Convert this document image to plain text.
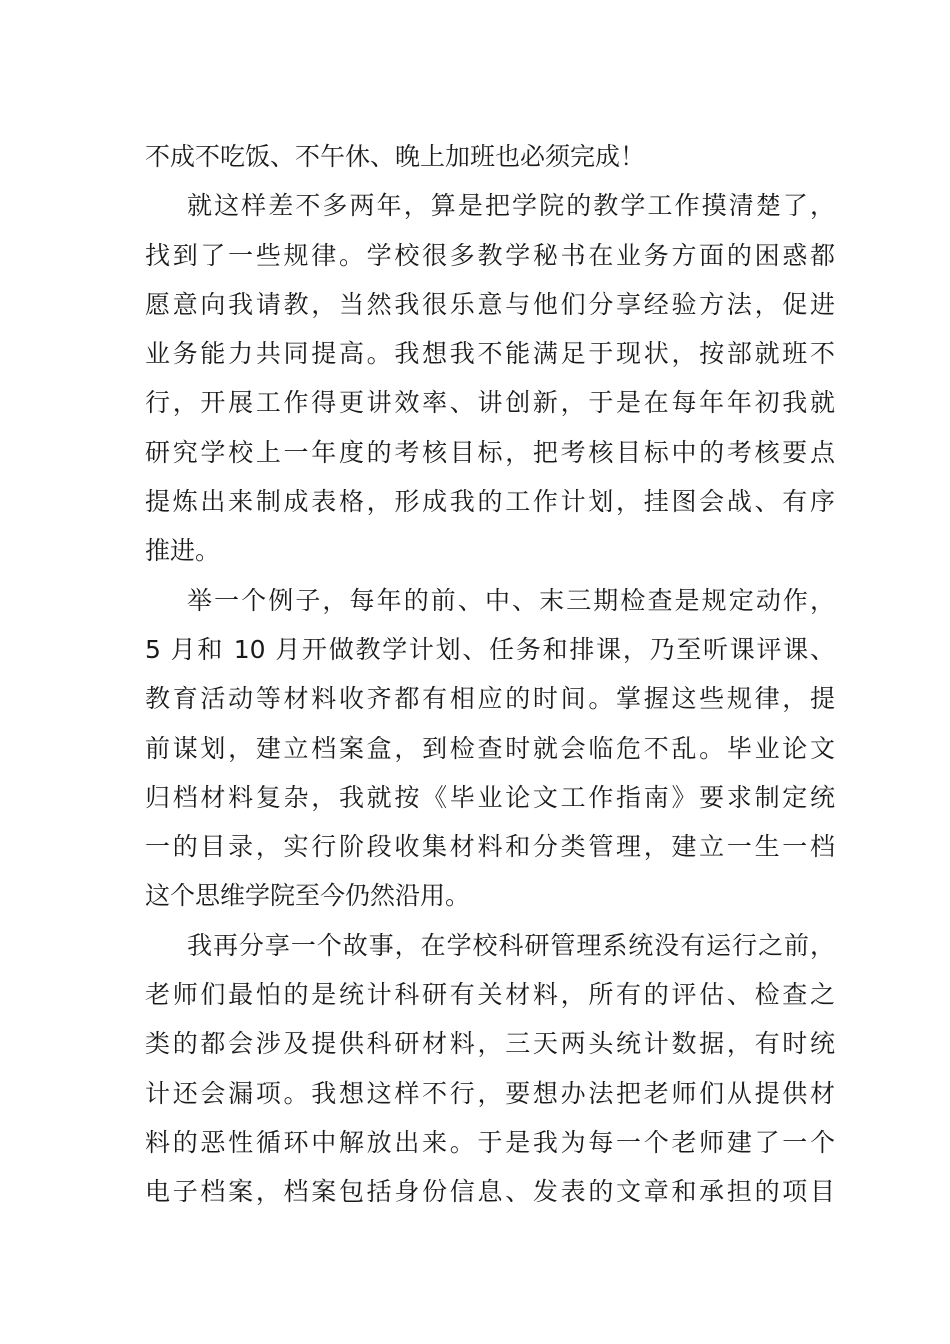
不成不吃饭、不午休、晚上加班也必须完成！
就这样差不多两年，算是把学院的教学工作摸清楚了，
找到了一些规律。学校很多教学秘书在业务方面的困惑都
愿意向我请教，当然我很乐意与他们分享经验方法，促进
业务能力共同提高。我想我不能满足于现状，按部就班不
行，开展工作得更讲效率、讲创新，于是在每年年初我就
研究学校上一年度的考核目标，把考核目标中的考核要点
提炼出来制成表格，形成我的工作计划，挂图会战、有序
推进。
举一个例子，每年的前、中、末三期检查是规定动作，
5 月和 10 月开做教学计划、任务和排课，乃至听课评课、
教育活动等材料收齐都有相应的时间。掌握这些规律，提
前谋划，建立档案盒，到检查时就会临危不乱。毕业论文
归档材料复杂，我就按《毕业论文工作指南》要求制定统
一的目录，实行阶段收集材料和分类管理，建立一生一档
这个思维学院至今仍然沿用。
我再分享一个故事，在学校科研管理系统没有运行之前，
老师们最怕的是统计科研有关材料，所有的评估、检查之
类的都会涉及提供科研材料，三天两头统计数据，有时统
计还会漏项。我想这样不行，要想办法把老师们从提供材
料的恶性循环中解放出来。于是我为每一个老师建了一个
电子档案，档案包括身份信息、发表的文章和承担的项目
